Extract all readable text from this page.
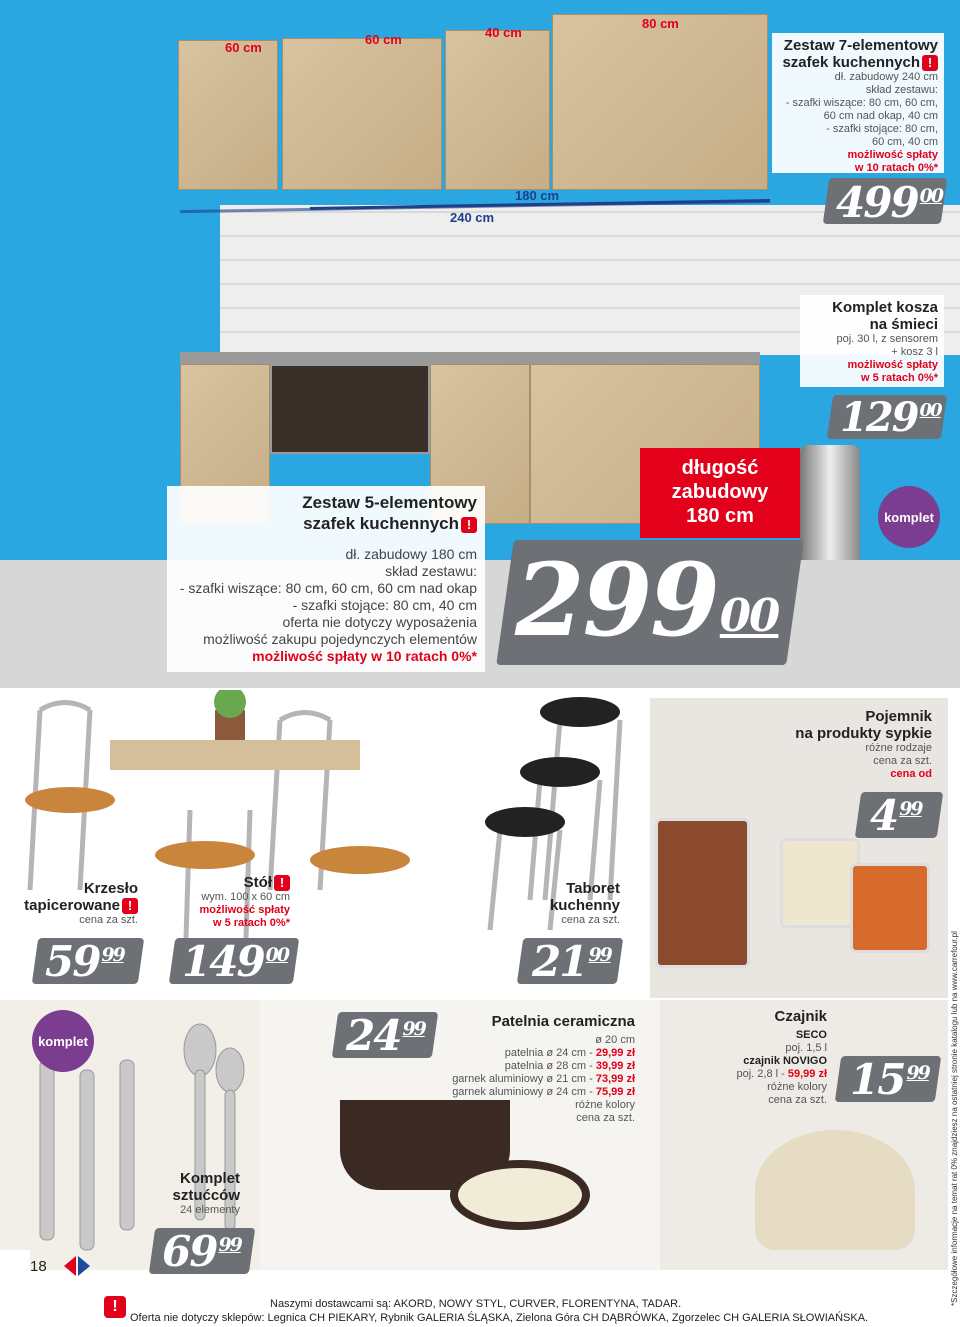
60 cm
60 cm	40 cm
80 cm
180 cm
240 cm
Zestaw 7-elementowy szafek kuchennych !
dł. zabudowy 240 cm
skład zestawu:
- szafki wiszące: 80 cm, 60 cm,
60 cm nad okap, 40 cm
- szafki stojące: 80 cm,
60 cm, 40 cm
możliwość spłaty
w 10 ratach 0%*
499 $^{00}$
Komplet kosza
na śmieci
poj. 30 l, z sensorem
+ kosz 3 l
możliwość spłaty
w 5 ratach 0%*
129 $^{00}$
komplet
Zestaw 5-elementowy
szafek kuchennych !
dł. zabudowy 180 cm
skład zestawu:
- szafki wiszące: 80 cm, 60 cm, 60 cm nad okap
- szafki stojące: 80 cm, 40 cm
oferta nie dotyczy wyposażenia
możliwość zakupu pojedynczych elementów
możliwość spłaty w 10 ratach 0%*
długość
zabudowy
180 cm
$299^{00}$
Krzesło
tapicerowane !
cena za szt.
59 $^{99}$
Stół !
wym. 100 x 60 cm
możliwość spłaty
w 5 ratach 0%*
149 $^{00}$
Taboret
kuchenny
cena za szt.
21 $^{99}$
Pojemnik
na produkty sypkie
różne rodzaje
cena za szt.
cena od
4 $^{99}$
komplet
Komplet
sztućców
24 elementy
69 $^{99}$
24 $^{99}$	Patelnia ceramiczna
ø 20 cm
patelnia ø 24 cm - 29,99 zł
patelnia ø 28 cm - 39,99 zł
garnek aluminiowy ø 21 cm - 73,99 zł
garnek aluminiowy ø 24 cm - 75,99 zł
różne kolory
cena za szt.
Czajnik
SECO
poj. 1,5 l
czajnik NOVIGO
poj. 2,8 l - 59,99 zł
różne kolory
cena za szt. 15 $^{99}$	*Szczegółowe informacje na temat rat 0% znajdziesz na ostatniej stronie katalogu lub na www.carrefour.pl
18
!	Naszymi dostawcami są: AKORD, NOWY STYL, CURVER, FLORENTYNA, TADAR.
Oferta nie dotyczy sklepów: Legnica CH PIEKARY, Rybnik GALERIA ŚLĄSKA, Zielona Góra CH DĄBRÓWKA, Zgorzelec CH GALERIA SŁOWIAŃSKA.
